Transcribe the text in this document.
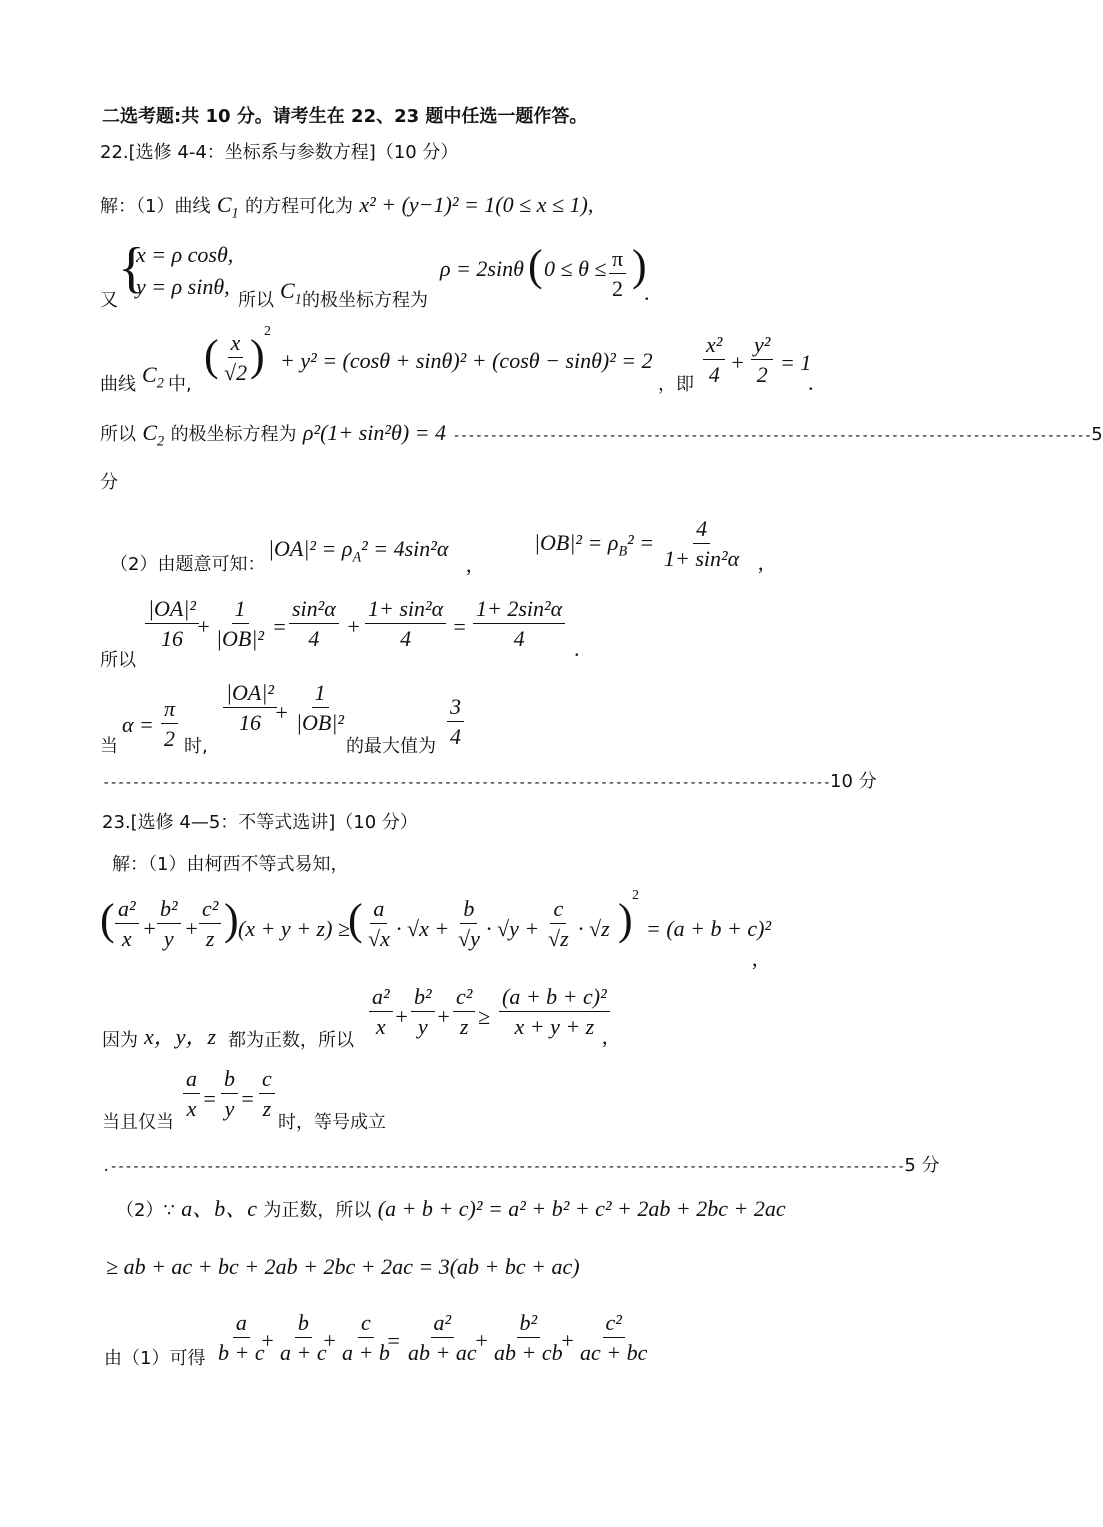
二选考题:共 10 分。请考生在 22、23 题中任选一题作答。
22.[选修 4-4：坐标系与参数方程]（10 分）
解：（1）曲线 $C_1$ 的方程可化为 x² + (y−1)² = 1(0 ≤ x ≤ 1),
又
{
x = ρ cosθ,
y = ρ sinθ,
所以 $C_1$ 的极坐标方程为
ρ = 2sinθ ( $0 \le \theta \le \frac{\pi}{2}$ )
.
曲线 $C_2$ 中,
( $\frac{x}{√2}$ ) 2
+ y² = (cosθ + sinθ)² + (cosθ − sinθ)² = 2
，即 $\frac{\text{x²}}{4} + \frac{\text{y²}}{2} = 1$
.
所以 $C_2$ 的极坐标方程为 ρ²(1+ sin²θ) = 4 --------------------------------------------------------------------------------------5
分
（2）由题意可知：
$|OA|^2 = \rho_A^2 = 4\sin^2\alpha$
,
$|OB|^2 = \rho_B^2 = \frac{4}{\text{1+ sin²α}}$ ,
所以
$\frac{\text{|OA|²}}{16}$
+ $\frac{1}{\text{|OB|²}} = \frac{\text{sin²α}}{4} + \frac{\text{1+ sin²α}}{4} = \frac{\text{1+ 2sin²α}}{4}$ .
当
$\alpha = \frac{\pi}{2}$ 时,
$\frac{\text{|OA|²}}{16}$
+ $\frac{1}{\text{|OB|²}}$
的最大值为 $\frac{3}{4}$
--------------------------------------------------------------------------------------------------10 分
23.[选修 4—5：不等式选讲]（10 分）
解：（1）由柯西不等式易知，
( $\frac{\text{a²}}{x} + \frac{\text{b²}}{y} + \frac{\text{c²}}{z}$ ) (x + y + z) ≥
( $\frac{a}{√x} \cdot √x + \frac{b}{√y} \cdot √y + \frac{c}{√z} \cdot √z$ ) 2
= (a + b + c)²
,
因为 x，y，z 都为正数，所以
$\frac{\text{a²}}{x} + \frac{\text{b²}}{y} + \frac{\text{c²}}{z} \ge \frac{\text{(a + b + c)²}}{x + y + z}$
,
当且仅当
$\frac{a}{x} = \frac{b}{y} = \frac{c}{z}$
时，等号成立
.-----------------------------------------------------------------------------------------------------------5 分
（2）∵ a、b、c 为正数，所以 (a + b + c)² = a² + b² + c² + 2ab + 2bc + 2ac
≥ ab + ac + bc + 2ab + 2bc + 2ac = 3(ab + bc + ac)
由（1）可得 $\frac{a}{b + c}$
+ $\frac{b}{a + c}$
+ $\frac{c}{a + b}$
= $\frac{\text{a²}}{ab + ac}$
+ $\frac{\text{b²}}{ab + cb}$
+ $\frac{\text{c²}}{ac + bc}$
